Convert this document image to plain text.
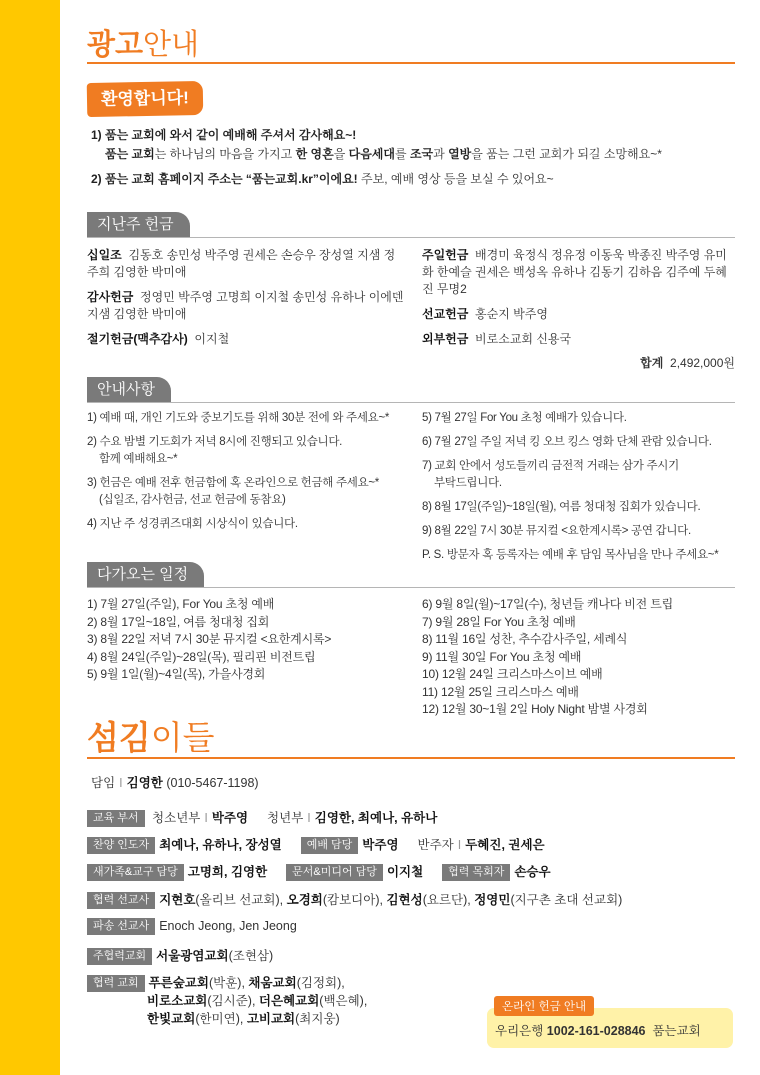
광고안내
환영합니다!
1) 품는 교회에 와서 같이 예배해 주셔서 감사해요~!
품는 교회는 하나님의 마음을 가지고 한 영혼을 다음세대를 조국과 열방을 품는 그런 교회가 되길 소망해요~*
2) 품는 교회 홈페이지 주소는 “품는교회.kr”이에요! 주보, 예배 영상 등을 보실 수 있어요~
지난주 헌금
십일조 김동호 송민성 박주영 권세은 손승우 장성열 지샘 정주희 김영한 박미애
감사헌금 정영민 박주영 고명희 이지철 송민성 유하나 이에덴 지샘 김영한 박미애
절기헌금(맥추감사) 이지철
주일헌금 배경미 육정식 정유정 이동욱 박종진 박주영 유미화 한예슬 권세은 백성옥 유하나 김동기 김하음 김주예 두혜진 무명2
선교헌금 홍순지 박주영
외부헌금 비로소교회 신용국
합계 2,492,000원
안내사항
1) 예배 때, 개인 기도와 중보기도를 위해 30분 전에 와 주세요~*
2) 수요 밤별 기도회가 저녁 8시에 진행되고 있습니다.
함께 예배해요~*
3) 헌금은 예배 전후 헌금함에 혹 온라인으로 헌금해 주세요~*
(십일조, 감사헌금, 선교 헌금에 동참요)
4) 지난 주 성경퀴즈대회 시상식이 있습니다.
5) 7월 27일 For You 초청 예배가 있습니다.
6) 7월 27일 주일 저녁 킹 오브 킹스 영화 단체 관람 있습니다.
7) 교회 안에서 성도들끼리 금전적 거래는 삼가 주시기
부탁드립니다.
8) 8월 17일(주일)~18일(월), 여름 청대청 집회가 있습니다.
9) 8월 22일 7시 30분 뮤지컬 <요한계시록> 공연 갑니다.
P. S. 방문자 혹 등록자는 예배 후 담임 목사님을 만나 주세요~*
다가오는 일정
1) 7월 27일(주일), For You 초청 예배
2) 8월 17일~18일, 여름 청대청 집회
3) 8월 22일 저녁 7시 30분 뮤지컬 <요한계시록>
4) 8월 24일(주일)~28일(목), 필리핀 비전트립
5) 9월 1일(월)~4일(목), 가을사경회
6) 9월 8일(월)~17일(수), 청년들 캐나다 비전 트립
7) 9월 28일 For You 초청 예배
8) 11월 16일 성찬, 추수감사주일, 세례식
9) 11월 30일 For You 초청 예배
10) 12월 24일 크리스마스이브 예배
11) 12월 25일 크리스마스 예배
12) 12월 30~1월 2일 Holy Night 밤별 사경회
섬김이들
담임 I 김영한 (010-5467-1198)
교육 부서 청소년부 I 박주영 청년부 I 김영한, 최예나, 유하나
찬양 인도자 최예나, 유하나, 장성열 예배 담당 박주영 반주자 I 두혜진, 권세은
새가족&교구 담당 고명희, 김영한 문서&미디어 담당 이지철 협력 목회자 손승우
협력 선교사 지현호(올리브 선교회), 오경희(캄보디아), 김현성(요르단), 정영민(지구촌 초대 선교회)
파송 선교사 Enoch Jeong, Jen Jeong
주협력교회 서울광염교회(조현삼)
협력 교회 푸른숲교회(박훈), 채움교회(김정회),
비로소교회(김시준), 더은혜교회(백은혜),
한빛교회(한미연), 고비교회(최지웅)
온라인 헌금 안내
우리은행 1002-161-028846 품는교회
